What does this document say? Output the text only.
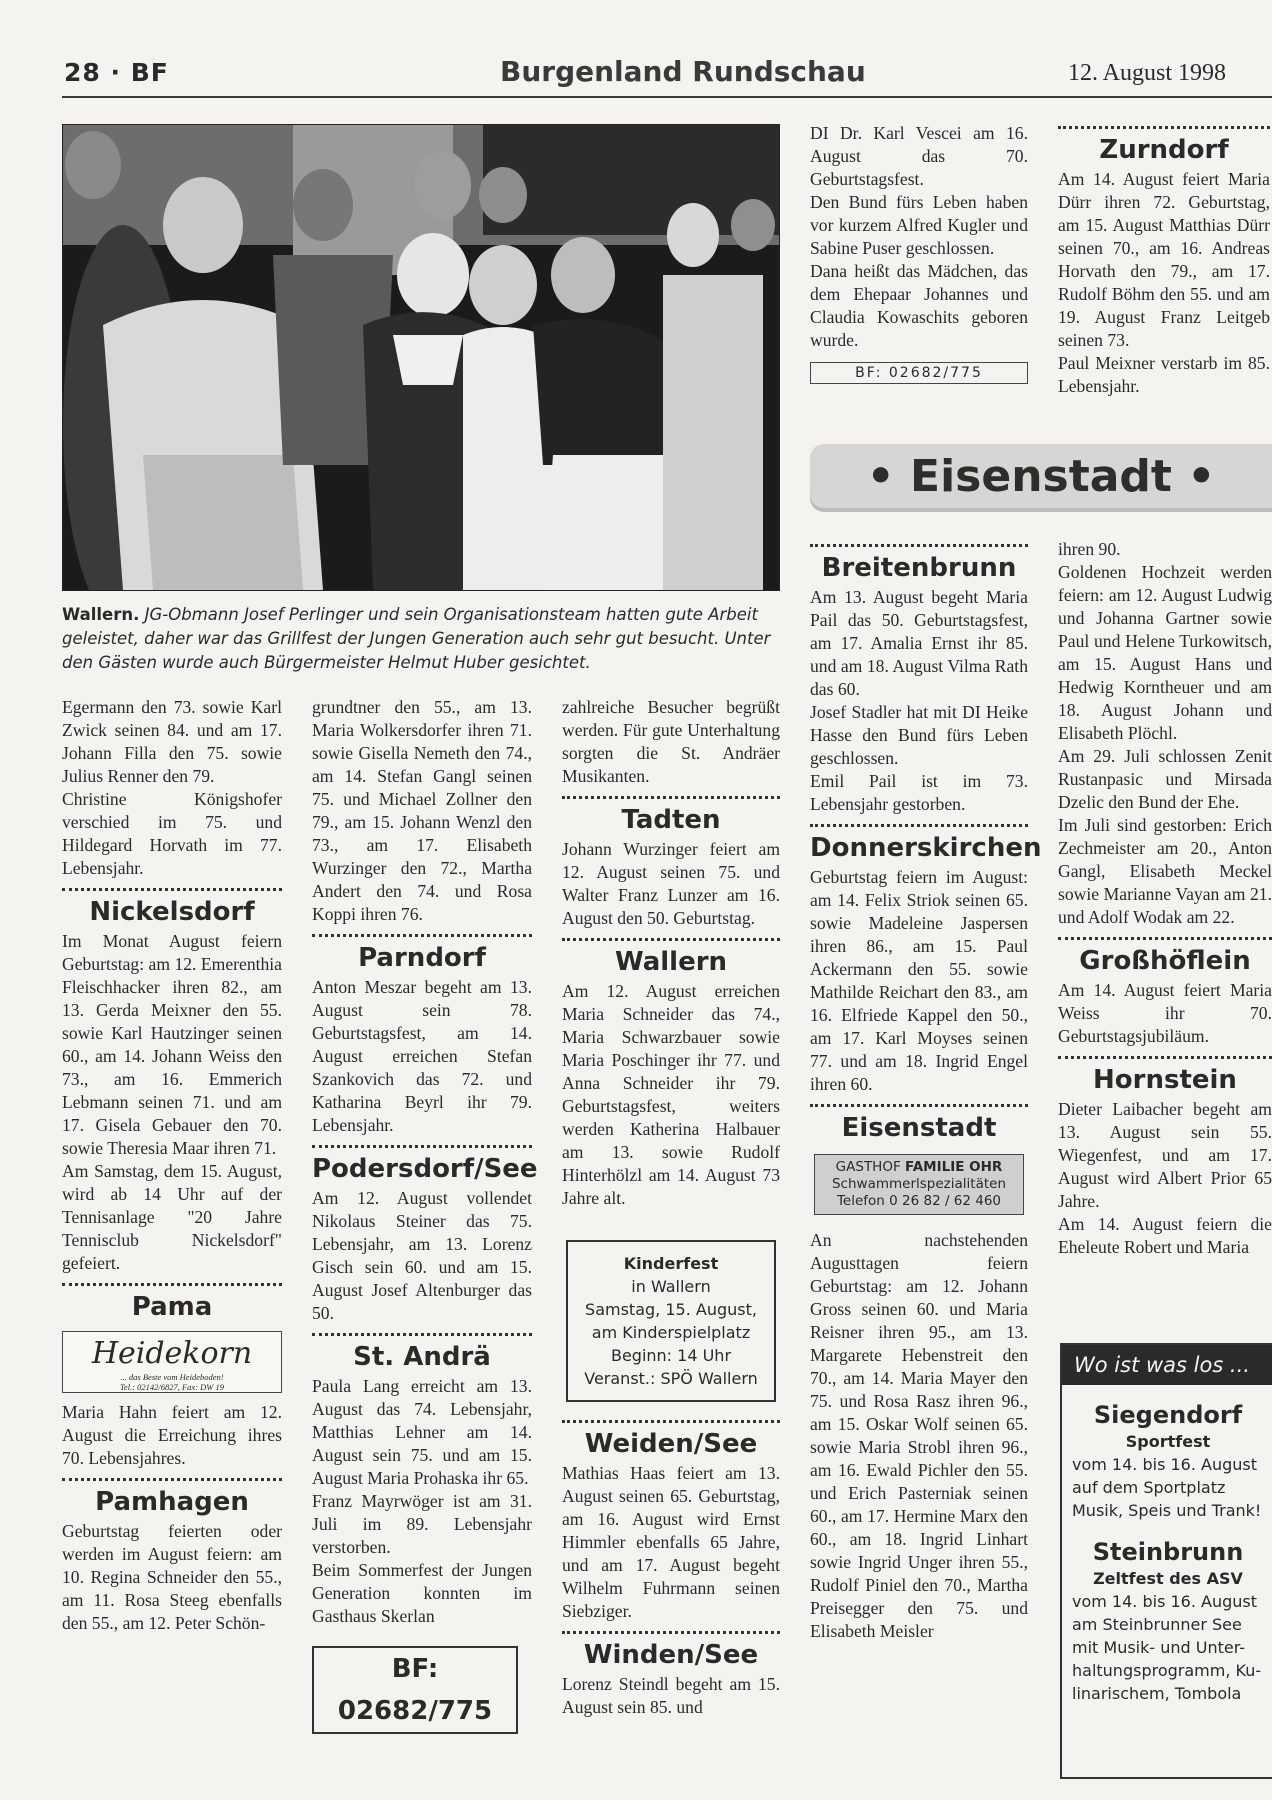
28 · BF	Burgenland Rundschau	12. August 1998
Wallern. JG-Obmann Josef Perlinger und sein Organisationsteam hatten gute Arbeit geleistet, daher war das Grillfest der Jungen Generation auch sehr gut besucht. Unter den Gästen wurde auch Bürgermeister Helmut Huber gesichtet.

Egermann den 73. sowie Karl Zwick seinen 84. und am 17. Johann Filla den 75. sowie Julius Renner den 79.

Christine Königshofer verschied im 75. und Hildegard Horvath im 77. Lebensjahr.

Nickelsdorf

Im Monat August feiern Geburtstag: am 12. Emerenthia Fleischhacker ihren 82., am 13. Gerda Meixner den 55. sowie Karl Hautzinger seinen 60., am 14. Johann Weiss den 73., am 16. Emmerich Lebmann seinen 71. und am 17. Gisela Gebauer den 70. sowie Theresia Maar ihren 71.

Am Samstag, dem 15. August, wird ab 14 Uhr auf der Tennisanlage "20 Jahre Tennisclub Nickelsdorf" gefeiert.

Pama
Heidekorn
... das Beste vom Heideboden!
Tel.: 02142/6827, Fax: DW 19

Maria Hahn feiert am 12. August die Erreichung ihres 70. Lebensjahres.

Pamhagen

Geburtstag feierten oder werden im August feiern: am 10. Regina Schneider den 55., am 11. Rosa Steeg ebenfalls den 55., am 12. Peter Schön-

grundtner den 55., am 13. Maria Wolkersdorfer ihren 71. sowie Gisella Nemeth den 74., am 14. Stefan Gangl seinen 75. und Michael Zollner den 79., am 15. Johann Wenzl den 73., am 17. Elisabeth Wurzinger den 72., Martha Andert den 74. und Rosa Koppi ihren 76.

Parndorf

Anton Meszar begeht am 13. August sein 78. Geburtstagsfest, am 14. August erreichen Stefan Szankovich das 72. und Katharina Beyrl ihr 79. Lebensjahr.

Podersdorf/See

Am 12. August vollendet Nikolaus Steiner das 75. Lebensjahr, am 13. Lorenz Gisch sein 60. und am 15. August Josef Altenburger das 50.

St. Andrä

Paula Lang erreicht am 13. August das 74. Lebensjahr, Matthias Lehner am 14. August sein 75. und am 15. August Maria Prohaska ihr 65.

Franz Mayrwöger ist am 31. Juli im 89. Lebensjahr verstorben.

Beim Sommerfest der Jungen Generation konnten im Gasthaus Skerlan

BF: 02682/775

zahlreiche Besucher begrüßt werden. Für gute Unterhaltung sorgten die St. Andräer Musikanten.

Tadten

Johann Wurzinger feiert am 12. August seinen 75. und Walter Franz Lunzer am 16. August den 50. Geburtstag.

Wallern

Am 12. August erreichen Maria Schneider das 74., Maria Schwarzbauer sowie Maria Poschinger ihr 77. und Anna Schneider ihr 79. Geburtstagsfest, weiters werden Katherina Halbauer am 13. sowie Rudolf Hinterhölzl am 14. August 73 Jahre alt.

Kinderfest
in Wallern
Samstag, 15. August,
am Kinderspielplatz
Beginn: 14 Uhr
Veranst.: SPÖ Wallern
Weiden/See

Mathias Haas feiert am 13. August seinen 65. Geburtstag, am 16. August wird Ernst Himmler ebenfalls 65 Jahre, und am 17. August begeht Wilhelm Fuhrmann seinen Siebziger.

Winden/See

Lorenz Steindl begeht am 15. August sein 85. und

DI Dr. Karl Vescei am 16. August das 70. Geburtstagsfest.

Den Bund fürs Leben haben vor kurzem Alfred Kugler und Sabine Puser geschlossen.

Dana heißt das Mädchen, das dem Ehepaar Johannes und Claudia Kowaschits geboren wurde.

BF: 02682/775
Zurndorf

Am 14. August feiert Maria Dürr ihren 72. Geburtstag, am 15. August Matthias Dürr seinen 70., am 16. Andreas Horvath den 79., am 17. Rudolf Böhm den 55. und am 19. August Franz Leitgeb seinen 73.

Paul Meixner verstarb im 85. Lebensjahr.

• Eisenstadt •
Breitenbrunn

Am 13. August begeht Maria Pail das 50. Geburtstagsfest, am 17. Amalia Ernst ihr 85. und am 18. August Vilma Rath das 60.

Josef Stadler hat mit DI Heike Hasse den Bund fürs Leben geschlossen.

Emil Pail ist im 73. Lebensjahr gestorben.

Donnerskirchen

Geburtstag feiern im August: am 14. Felix Striok seinen 65. sowie Madeleine Jaspersen ihren 86., am 15. Paul Ackermann den 55. sowie Mathilde Reichart den 83., am 16. Elfriede Kappel den 50., am 17. Karl Moyses seinen 77. und am 18. Ingrid Engel ihren 60.

Eisenstadt
GASTHOF FAMILIE OHR
Schwammerlspezialitäten
Telefon 0 26 82 / 62 460

An nachstehenden Augusttagen feiern Geburtstag: am 12. Johann Gross seinen 60. und Maria Reisner ihren 95., am 13. Margarete Hebenstreit den 70., am 14. Maria Mayer den 75. und Rosa Rasz ihren 96., am 15. Oskar Wolf seinen 65. sowie Maria Strobl ihren 96., am 16. Ewald Pichler den 55. und Erich Pasterniak seinen 60., am 17. Hermine Marx den 60., am 18. Ingrid Linhart sowie Ingrid Unger ihren 55., Rudolf Piniel den 70., Martha Preisegger den 75. und Elisabeth Meisler

ihren 90.

Goldenen Hochzeit werden feiern: am 12. August Ludwig und Johanna Gartner sowie Paul und Helene Turkowitsch, am 15. August Hans und Hedwig Korntheuer und am 18. August Johann und Elisabeth Plöchl.

Am 29. Juli schlossen Zenit Rustanpasic und Mirsada Dzelic den Bund der Ehe.

Im Juli sind gestorben: Erich Zechmeister am 20., Anton Gangl, Elisabeth Meckel sowie Marianne Vayan am 21. und Adolf Wodak am 22.

Großhöflein

Am 14. August feiert Maria Weiss ihr 70. Geburtstagsjubiläum.

Hornstein

Dieter Laibacher begeht am 13. August sein 55. Wiegenfest, und am 17. August wird Albert Prior 65 Jahre.

Am 14. August feiern die Eheleute Robert und Maria

Wo ist was los ...
Siegendorf
Sportfest
vom 14. bis 16. August
auf dem Sportplatz
Musik, Speis und Trank!
Steinbrunn
Zeltfest des ASV
vom 14. bis 16. August
am Steinbrunner See
mit Musik- und Unter-
haltungsprogramm, Ku-
linarischem, Tombola
